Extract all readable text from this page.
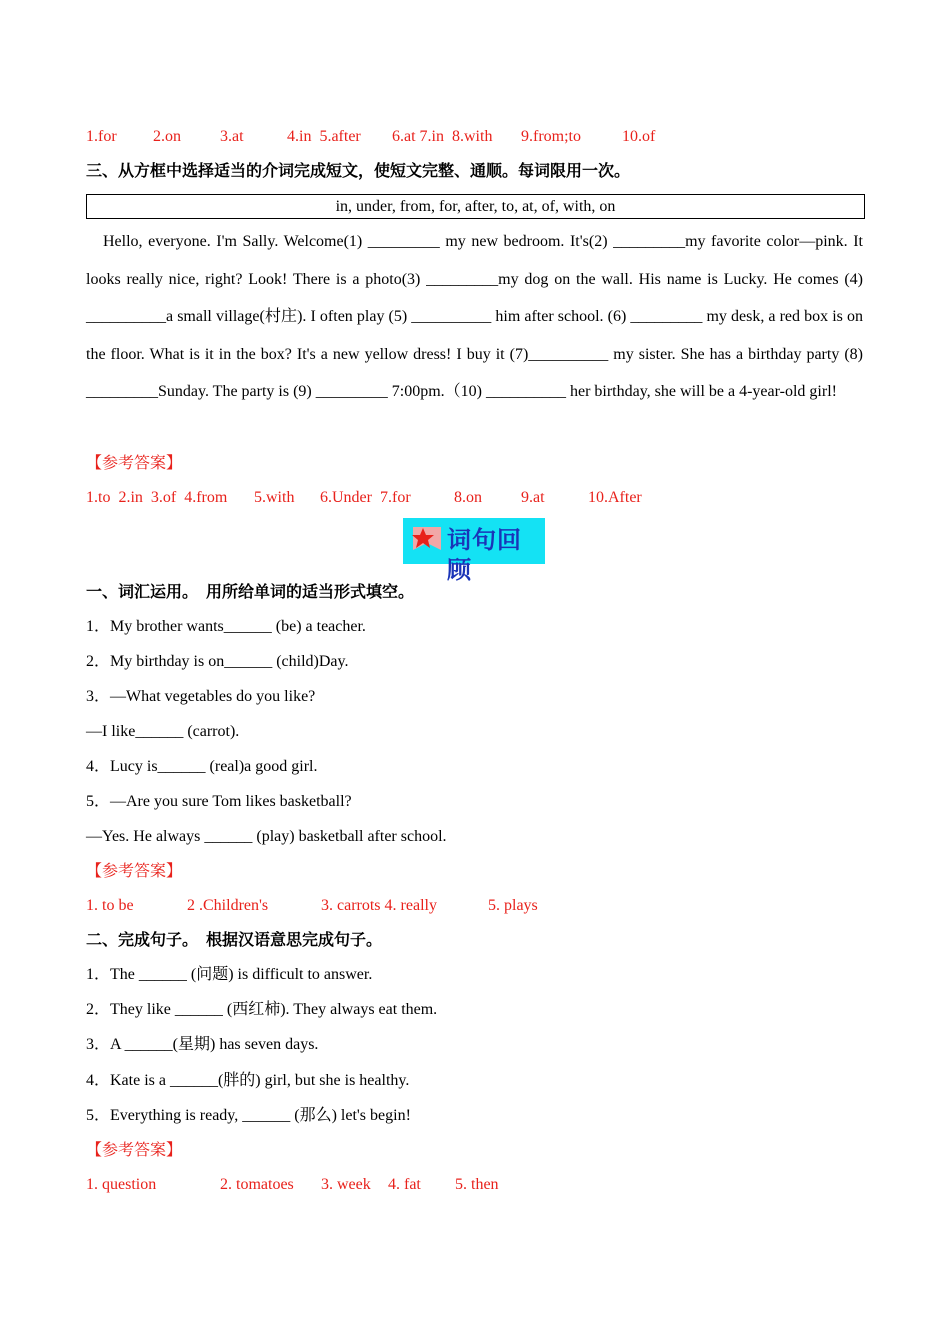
1.for

2.on

3.at

	4.in  5.after

6.at 7.in  8.with

9.from;to

	10.of

三、从方框中选择适当的介词完成短文，使短文完整、通顺。每词限用一次。
in, under, from, for, after, to, at, of, with, on
Hello, everyone. I'm Sally. Welcome(1) _________ my new bedroom. It's(2) _________my favorite color—pink. It looks really nice, right? Look! There is a photo(3) _________my dog on the wall. His name is Lucky. He comes (4) __________a small village(村庄). I often play (5) __________ him after school. (6) _________ my desk, a red box is on the floor. What is it in the box? It's a new yellow dress! I buy it (7)__________ my sister. She has a birthday party (8) _________Sunday. The party is (9) _________ 7:00pm.（10) __________ her birthday, she will be a 4-year-old girl!
【参考答案】

1.to  2.in  3.of  4.from

5.with

6.Under  7.for

	8.on

9.at

	10.After

词句回顾
一、词汇运用。  用所给单词的适当形式填空。
1．My brother wants______ (be) a teacher.
2．My birthday is on______ (child)Day.
3．—What vegetables do you like?
—I like______ (carrot).
4．Lucy is______ (real)a good girl.
5．—Are you sure Tom likes basketball?
—Yes. He always ______ (play) basketball after school.
【参考答案】

1. to be

	2 .Children's

	3. carrots 4. really

	5. plays

二、完成句子。  根据汉语意思完成句子。
1．The ______ (问题) is difficult to answer.
2．They like ______ (西红柿). They always eat them.
3．A ______(星期) has seven days.
4．Kate is a ______(胖的) girl, but she is healthy.
5．Everything is ready, ______ (那么) let's begin!
【参考答案】

1. question

	2. tomatoes

3. week

4. fat

5. then
